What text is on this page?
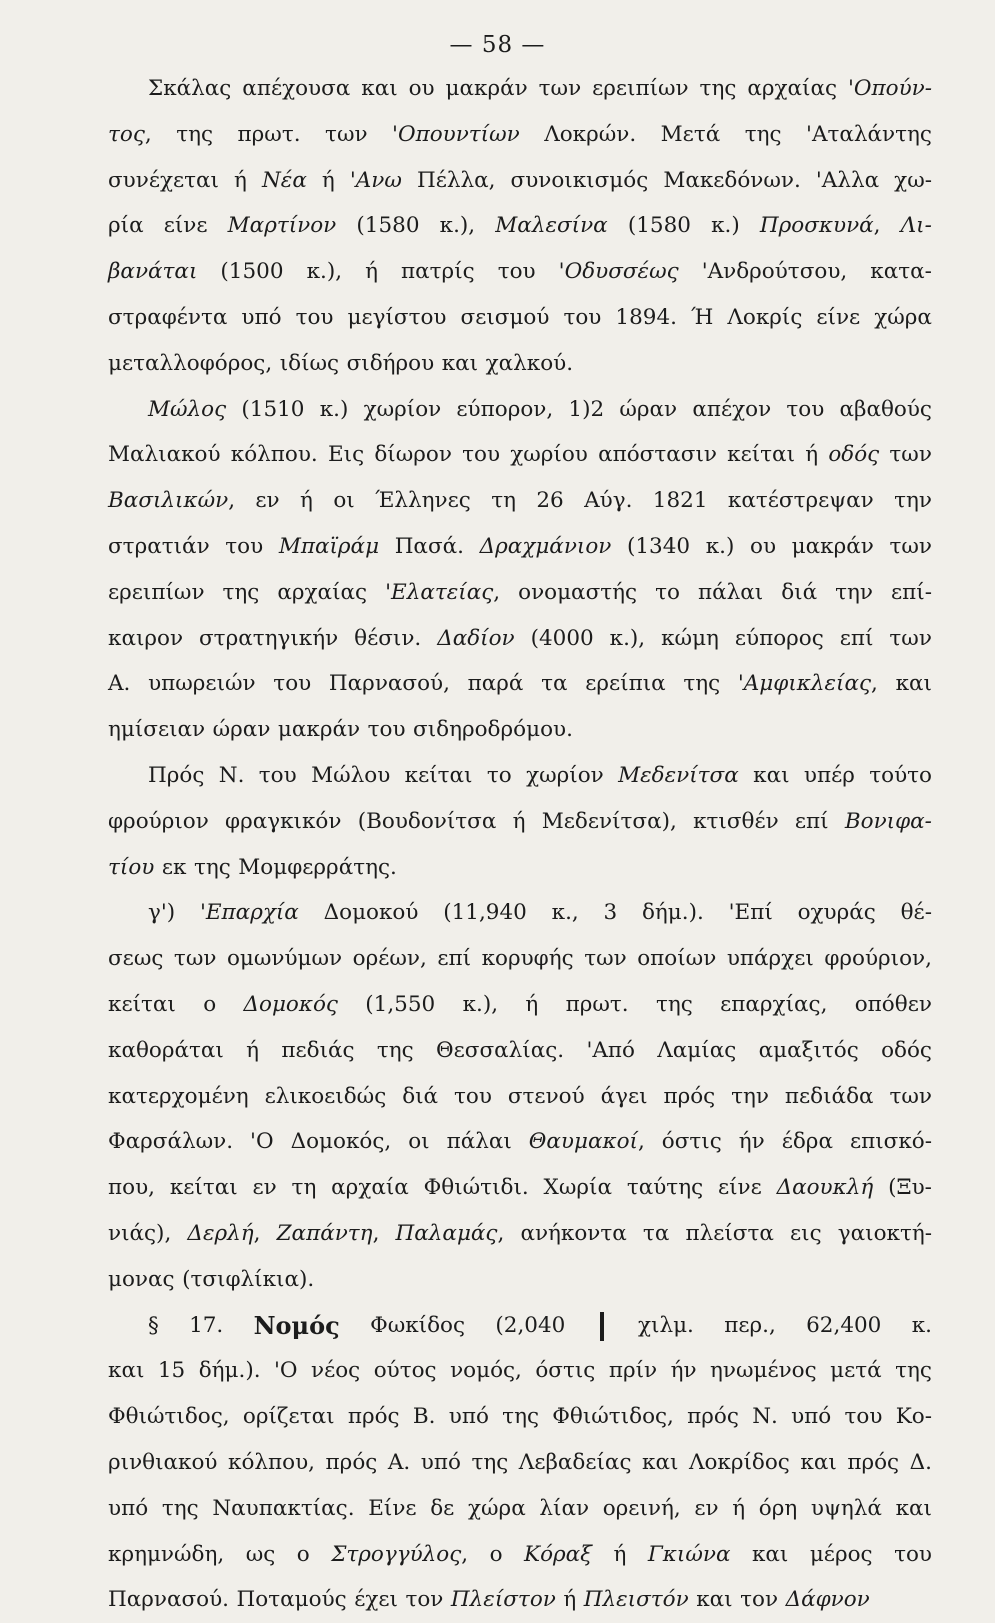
— 58 —
Σκάλας απέχουσα και ου μακράν των ερειπίων της αρχαίας 'Οπούν-
τος, της πρωτ. των 'Οπουντίων Λοκρών. Μετά της 'Αταλάντης
συνέχεται ή Νέα ή 'Ανω Πέλλα, συνοικισμός Μακεδόνων. 'Αλλα χω-
ρία είνε Μαρτίνον (1580 κ.), Μαλεσίνα (1580 κ.) Προσκυνά, Λι-
βανάται (1500 κ.), ή πατρίς του 'Οδυσσέως 'Ανδρούτσου, κατα-
στραφέντα υπό του μεγίστου σεισμού του 1894. Ή Λοκρίς είνε χώρα
μεταλλοφόρος, ιδίως σιδήρου και χαλκού.
Μώλος (1510 κ.) χωρίον εύπορον, 1)2 ώραν απέχον του αβαθούς
Μαλιακού κόλπου. Εις δίωρον του χωρίου απόστασιν κείται ή οδός των
Βασιλικών, εν ή οι Έλληνες τη 26 Αύγ. 1821 κατέστρεψαν την
στρατιάν του Μπαϊράμ Πασά. Δραχμάνιον (1340 κ.) ου μακράν των
ερειπίων της αρχαίας 'Ελατείας, ονομαστής το πάλαι διά την επί-
καιρον στρατηγικήν θέσιν. Δαδίον (4000 κ.), κώμη εύπορος επί των
Α. υπωρειών του Παρνασού, παρά τα ερείπια της 'Αμφικλείας, και
ημίσειαν ώραν μακράν του σιδηροδρόμου.
Πρός Ν. του Μώλου κείται το χωρίον Μεδενίτσα και υπέρ τούτο
φρούριον φραγκικόν (Βουδονίτσα ή Μεδενίτσα), κτισθέν επί Βονιφα-
τίου εκ της Μομφερράτης.
γ') 'Επαρχία Δομοκού (11,940 κ., 3 δήμ.). 'Επί οχυράς θέ-
σεως των ομωνύμων ορέων, επί κορυφής των οποίων υπάρχει φρούριον,
κείται ο Δομοκός (1,550 κ.), ή πρωτ. της επαρχίας, οπόθεν
καθοράται ή πεδιάς της Θεσσαλίας. 'Από Λαμίας αμαξιτός οδός
κατερχομένη ελικοειδώς διά του στενού άγει πρός την πεδιάδα των
Φαρσάλων. 'Ο Δομοκός, οι πάλαι Θαυμακοί, όστις ήν έδρα επισκό-
που, κείται εν τη αρχαία Φθιώτιδι. Χωρία ταύτης είνε Δαουκλή (Ξυ-
νιάς), Δερλή, Ζαπάντη, Παλαμάς, ανήκοντα τα πλείστα εις γαιοκτή-
μονας (τσιφλίκια).
§ 17. Νομός Φωκίδος (2,040	χιλμ. περ., 62,400 κ.
και 15 δήμ.). 'Ο νέος ούτος νομός, όστις πρίν ήν ηνωμένος μετά της
Φθιώτιδος, ορίζεται πρός Β. υπό της Φθιώτιδος, πρός Ν. υπό του Κο-
ρινθιακού κόλπου, πρός Α. υπό της Λεβαδείας και Λοκρίδος και πρός Δ.
υπό της Ναυπακτίας. Είνε δε χώρα λίαν ορεινή, εν ή όρη υψηλά και
κρημνώδη, ως ο Στρογγύλος, ο Κόραξ ή Γκιώνα και μέρος του
Παρνασού. Ποταμούς έχει τον Πλείστον ή Πλειστόν και τον Δάφνον
